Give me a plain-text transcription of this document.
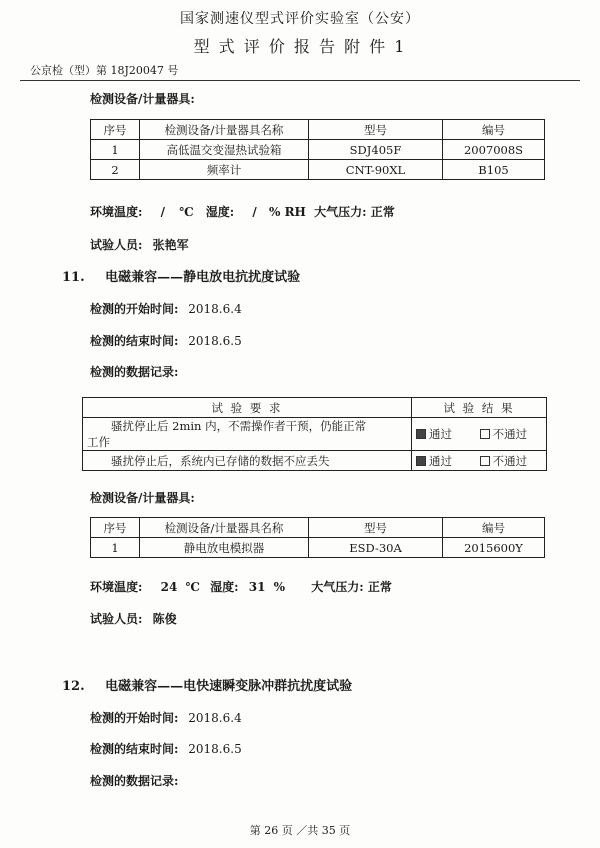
国家测速仪型式评价实验室（公安）
型 式 评 价 报 告 附 件 1
公京检（型）第 18J20047 号
检测设备/计量器具:
序号	检测设备/计量器具名称	型号	编号
1	高低温交变湿热试验箱	SDJ405F	2007008S
2	频率计	CNT-90XL	B105
环境温度: / ℃ 湿度: / % RH 大气压力: 正常
试验人员: 张艳军
11. 电磁兼容——静电放电抗扰度试验
检测的开始时间: 2018.6.4
检测的结束时间: 2018.6.5
检测的数据记录:
试 验 要 求	试 验 结 果

骚扰停止后 2min 内，不需操作者干预，仍能正常
工作	通过 不通过
骚扰停止后，系统内已存储的数据不应丢失	通过 不通过
检测设备/计量器具:
序号	检测设备/计量器具名称	型号	编号
1	静电放电模拟器	ESD-30A	2015600Y
环境温度: 24 ℃ 湿度: 31 % 大气压力: 正常
试验人员: 陈俊
12. 电磁兼容——电快速瞬变脉冲群抗扰度试验
检测的开始时间: 2018.6.4
检测的结束时间: 2018.6.5
检测的数据记录:
第 26 页 ／共 35 页
